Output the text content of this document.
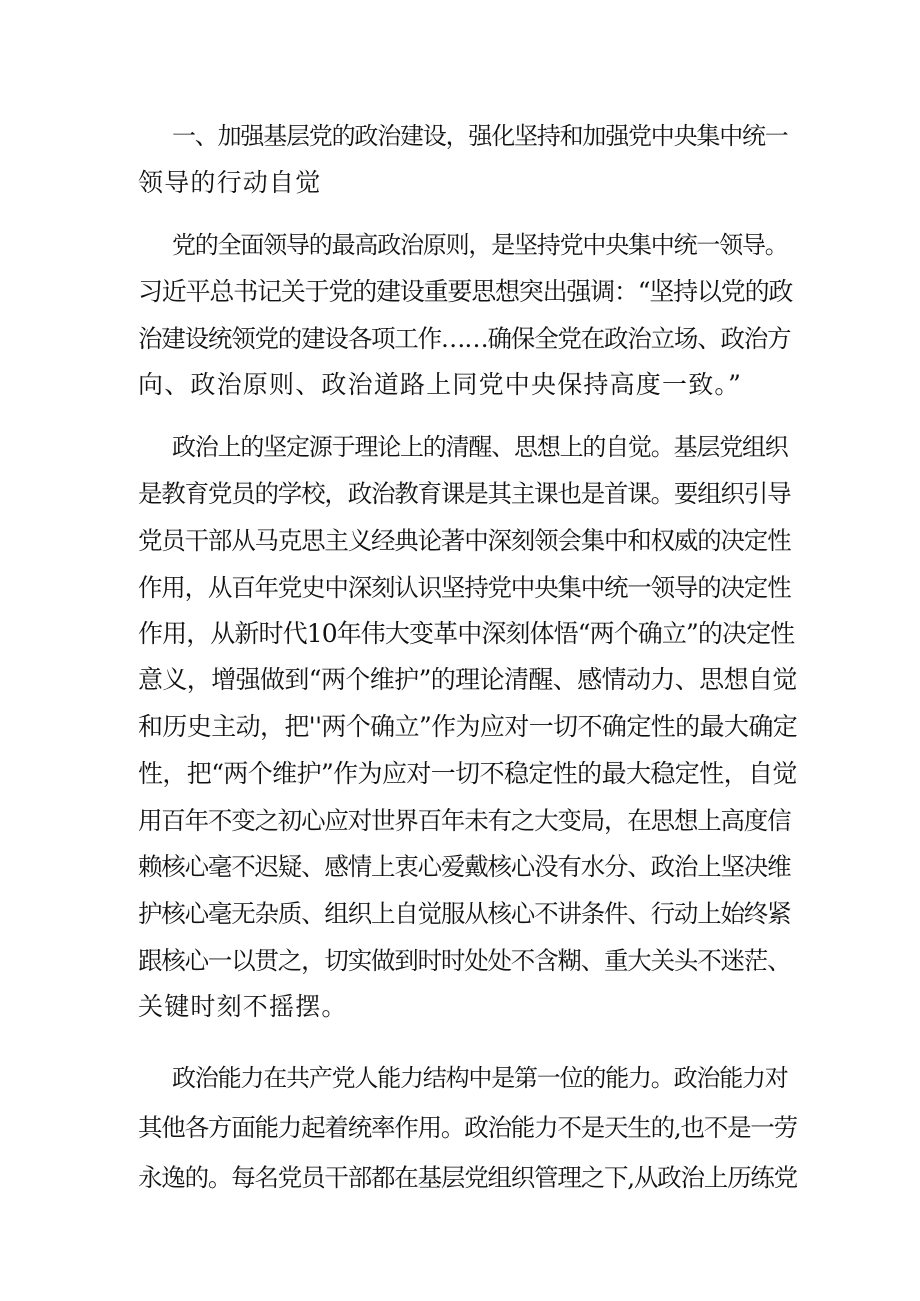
一、加强基层党的政治建设，强化坚持和加强党中央集中统一
领导的行动自觉
党的全面领导的最高政治原则，是坚持党中央集中统一领导。
习近平总书记关于党的建设重要思想突出强调：“坚持以党的政
治建设统领党的建设各项工作……确保全党在政治立场、政治方
向、政治原则、政治道路上同党中央保持高度一致。”
政治上的坚定源于理论上的清醒、思想上的自觉。基层党组织
是教育党员的学校，政治教育课是其主课也是首课。要组织引导
党员干部从马克思主义经典论著中深刻领会集中和权威的决定性
作用，从百年党史中深刻认识坚持党中央集中统一领导的决定性
作用，从新时代10年伟大变革中深刻体悟“两个确立”的决定性
意义，增强做到“两个维护”的理论清醒、感情动力、思想自觉
和历史主动，把''两个确立”作为应对一切不确定性的最大确定
性，把“两个维护”作为应对一切不稳定性的最大稳定性，自觉
用百年不变之初心应对世界百年未有之大变局，在思想上高度信
赖核心毫不迟疑、感情上衷心爱戴核心没有水分、政治上坚决维
护核心毫无杂质、组织上自觉服从核心不讲条件、行动上始终紧
跟核心一以贯之，切实做到时时处处不含糊、重大关头不迷茫、
关键时刻不摇摆。
政治能力在共产党人能力结构中是第一位的能力。政治能力对
其他各方面能力起着统率作用。政治能力不是天生的,也不是一劳
永逸的。每名党员干部都在基层党组织管理之下,从政治上历练党
